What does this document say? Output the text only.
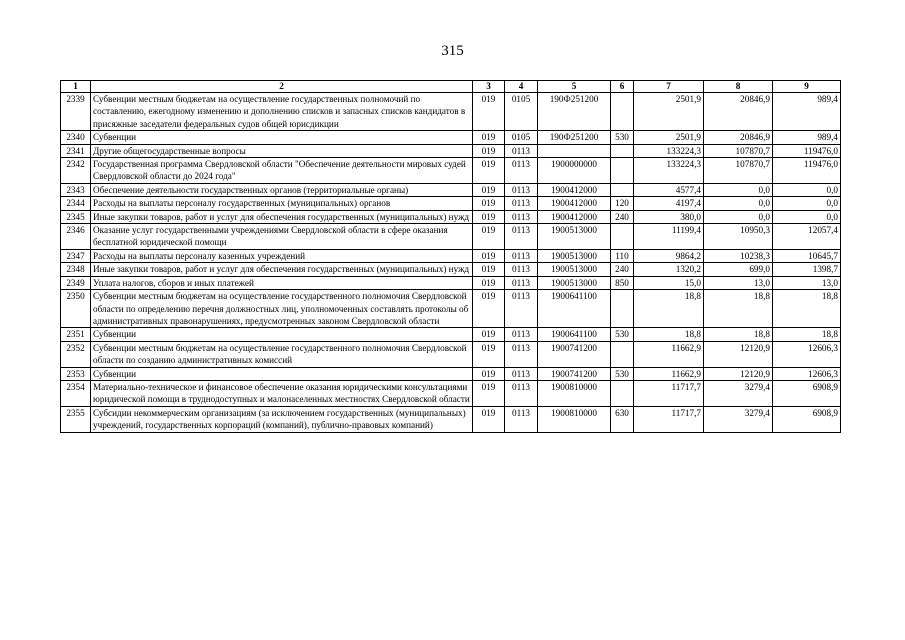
315
1	2	3	4	5	6	7	8	9
2339	Субвенции местным бюджетам на осуществление государственных полномочий по составлению, ежегодному изменению и дополнению списков и запасных списков кандидатов в присяжные заседатели федеральных судов общей юрисдикции	019	0105	190Ф251200		2501,9	20846,9	989,4
2340	Субвенции	019	0105	190Ф251200	530	2501,9	20846,9	989,4
2341	Другие общегосударственные вопросы	019	0113			133224,3	107870,7	119476,0
2342	Государственная программа Свердловской области "Обеспечение деятельности мировых судей Свердловской области до 2024 года"	019	0113	1900000000		133224,3	107870,7	119476,0
2343	Обеспечение деятельности государственных органов (территориальные органы)	019	0113	1900412000		4577,4	0,0	0,0
2344	Расходы на выплаты персоналу государственных (муниципальных) органов	019	0113	1900412000	120	4197,4	0,0	0,0
2345	Иные закупки товаров, работ и услуг для обеспечения государственных (муниципальных) нужд	019	0113	1900412000	240	380,0	0,0	0,0
2346	Оказание услуг государственными учреждениями Свердловской области в сфере оказания бесплатной юридической помощи	019	0113	1900513000		11199,4	10950,3	12057,4
2347	Расходы на выплаты персоналу казенных учреждений	019	0113	1900513000	110	9864,2	10238,3	10645,7
2348	Иные закупки товаров, работ и услуг для обеспечения государственных (муниципальных) нужд	019	0113	1900513000	240	1320,2	699,0	1398,7
2349	Уплата налогов, сборов и иных платежей	019	0113	1900513000	850	15,0	13,0	13,0
2350	Субвенции местным бюджетам на осуществление государственного полномочия Свердловской области по определению перечня должностных лиц, уполномоченных составлять протоколы об административных правонарушениях, предусмотренных законом Свердловской области	019	0113	1900641100		18,8	18,8	18,8
2351	Субвенции	019	0113	1900641100	530	18,8	18,8	18,8
2352	Субвенции местным бюджетам на осуществление государственного полномочия Свердловской области по созданию административных комиссий	019	0113	1900741200		11662,9	12120,9	12606,3
2353	Субвенции	019	0113	1900741200	530	11662,9	12120,9	12606,3
2354	Материально-техническое и финансовое обеспечение оказания юридическими консультациями юридической помощи в труднодоступных и малонаселенных местностях Свердловской области	019	0113	1900810000		11717,7	3279,4	6908,9
2355	Субсидии некоммерческим организациям (за исключением государственных (муниципальных) учреждений, государственных корпораций (компаний), публично-правовых компаний)	019	0113	1900810000	630	11717,7	3279,4	6908,9
